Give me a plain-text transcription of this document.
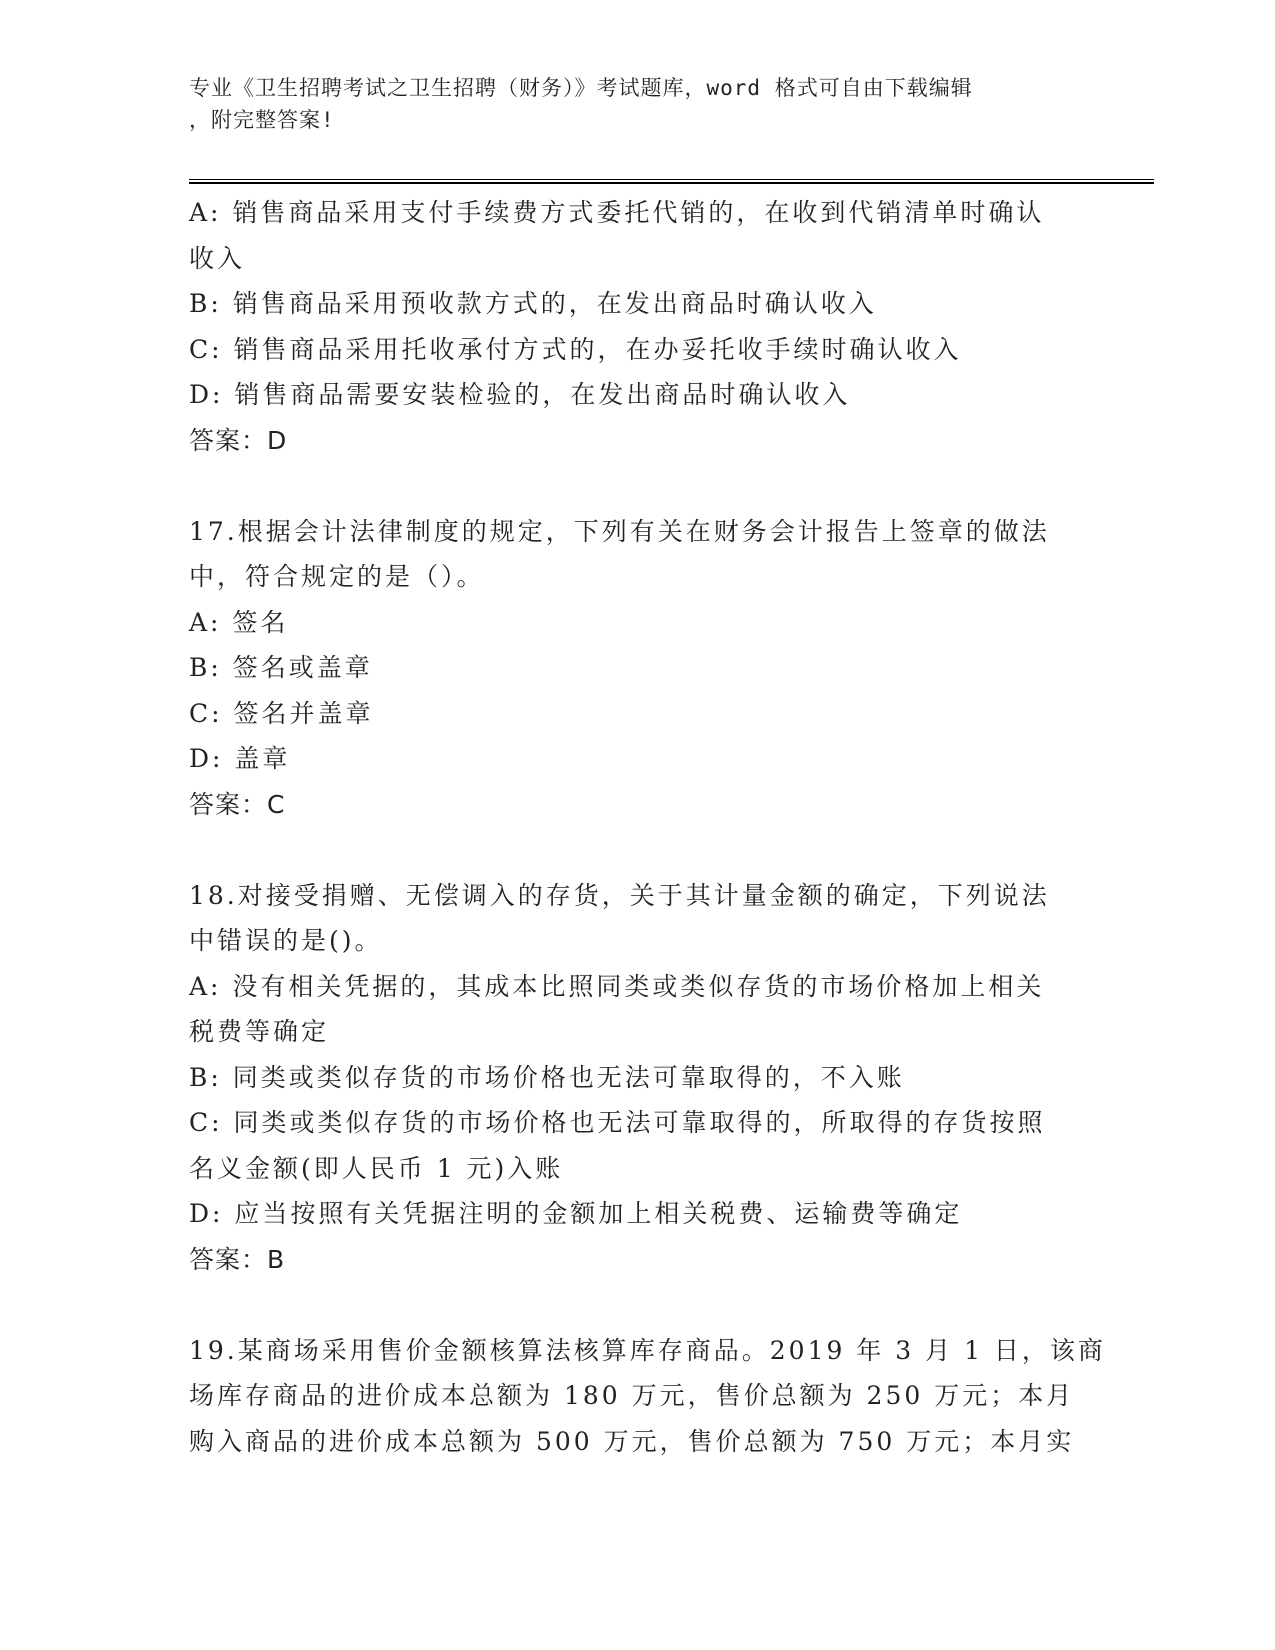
专业《卫生招聘考试之卫生招聘（财务）》考试题库，word 格式可自由下载编辑

，附完整答案!

A: 销售商品采用支付手续费方式委托代销的，在收到代销清单时确认

收入

B: 销售商品采用预收款方式的，在发出商品时确认收入

C: 销售商品采用托收承付方式的，在办妥托收手续时确认收入

D: 销售商品需要安装检验的，在发出商品时确认收入

答案：D

17.根据会计法律制度的规定，下列有关在财务会计报告上签章的做法

中，符合规定的是（）。

A: 签名

B: 签名或盖章

C: 签名并盖章

D: 盖章

答案：C

18.对接受捐赠、无偿调入的存货，关于其计量金额的确定，下列说法

中错误的是()。

A: 没有相关凭据的，其成本比照同类或类似存货的市场价格加上相关

税费等确定

B: 同类或类似存货的市场价格也无法可靠取得的，不入账

C: 同类或类似存货的市场价格也无法可靠取得的，所取得的存货按照

名义金额(即人民币 1 元)入账

D: 应当按照有关凭据注明的金额加上相关税费、运输费等确定

答案：B

19.某商场采用售价金额核算法核算库存商品。2019 年 3 月 1 日，该商

场库存商品的进价成本总额为 180 万元，售价总额为 250 万元；本月

购入商品的进价成本总额为 500 万元，售价总额为 750 万元；本月实
